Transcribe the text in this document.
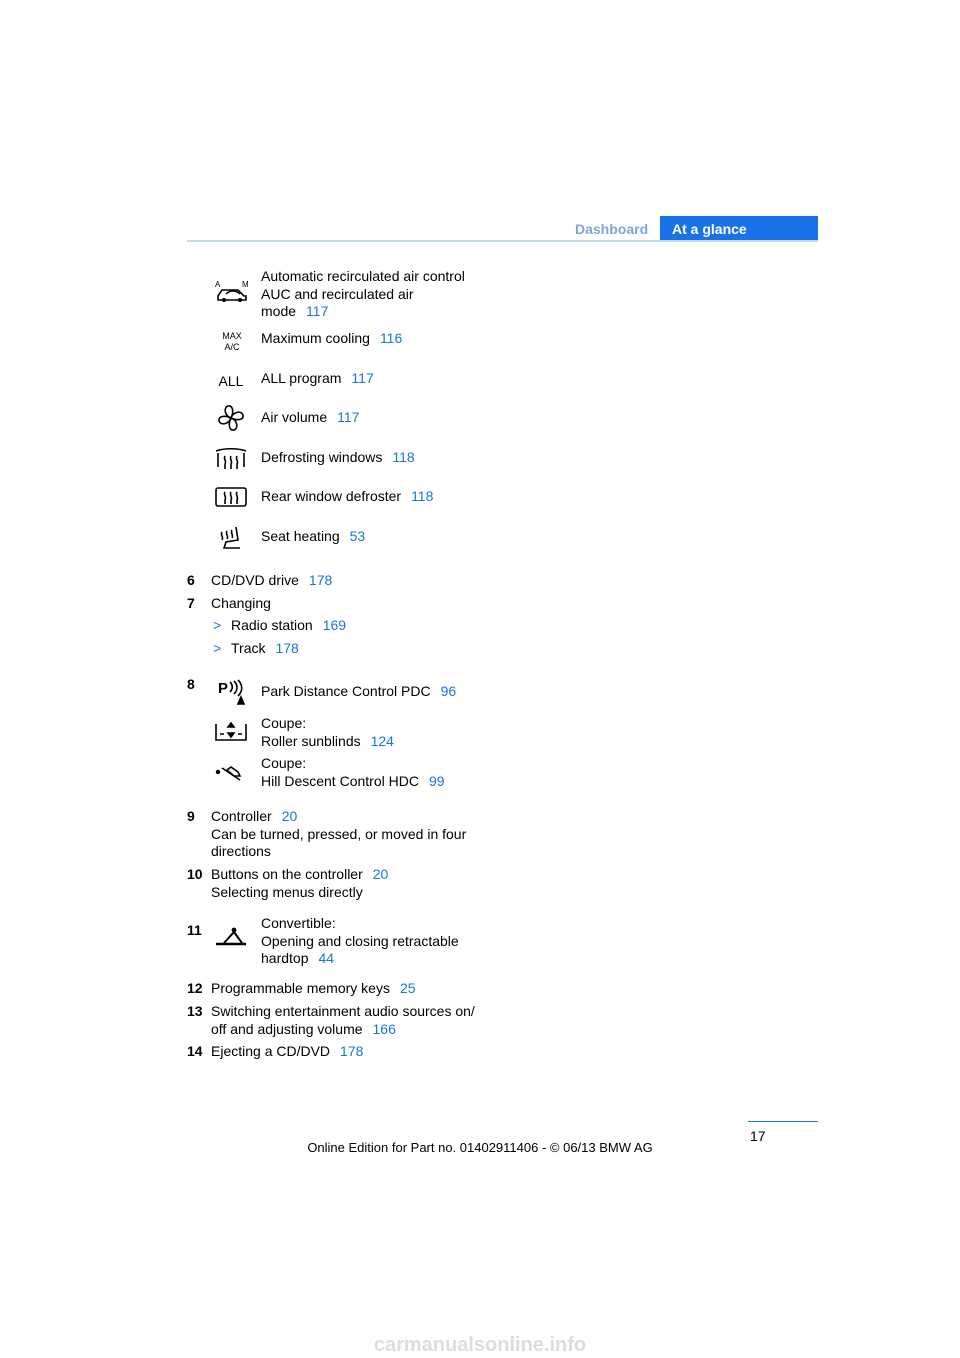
Dashboard At a glance
A	M
Automatic recirculated air control
AUC and recirculated air
mode 117
MAX
A/C
Maximum cooling 116
ALL ALL program 117
Air volume 117
Defrosting windows 118
Rear window defroster 118
Seat heating 53
6 CD/DVD drive 178
7 Changing
> Radio station 169
> Track 178
8 P Park Distance Control PDC 96
Coupe:
Roller sunblinds 124
Coupe:
Hill Descent Control HDC 99
9 Controller 20
Can be turned, pressed, or moved in four
directions
10 Buttons on the controller 20
Selecting menus directly
11	Convertible:
Opening and closing retractable
hardtop 44
12 Programmable memory keys 25
13 Switching entertainment audio sources on/
off and adjusting volume 166
14 Ejecting a CD/DVD 178
17
Online Edition for Part no. 01402911406 - © 06/13 BMW AG
carmanualsonline.info
